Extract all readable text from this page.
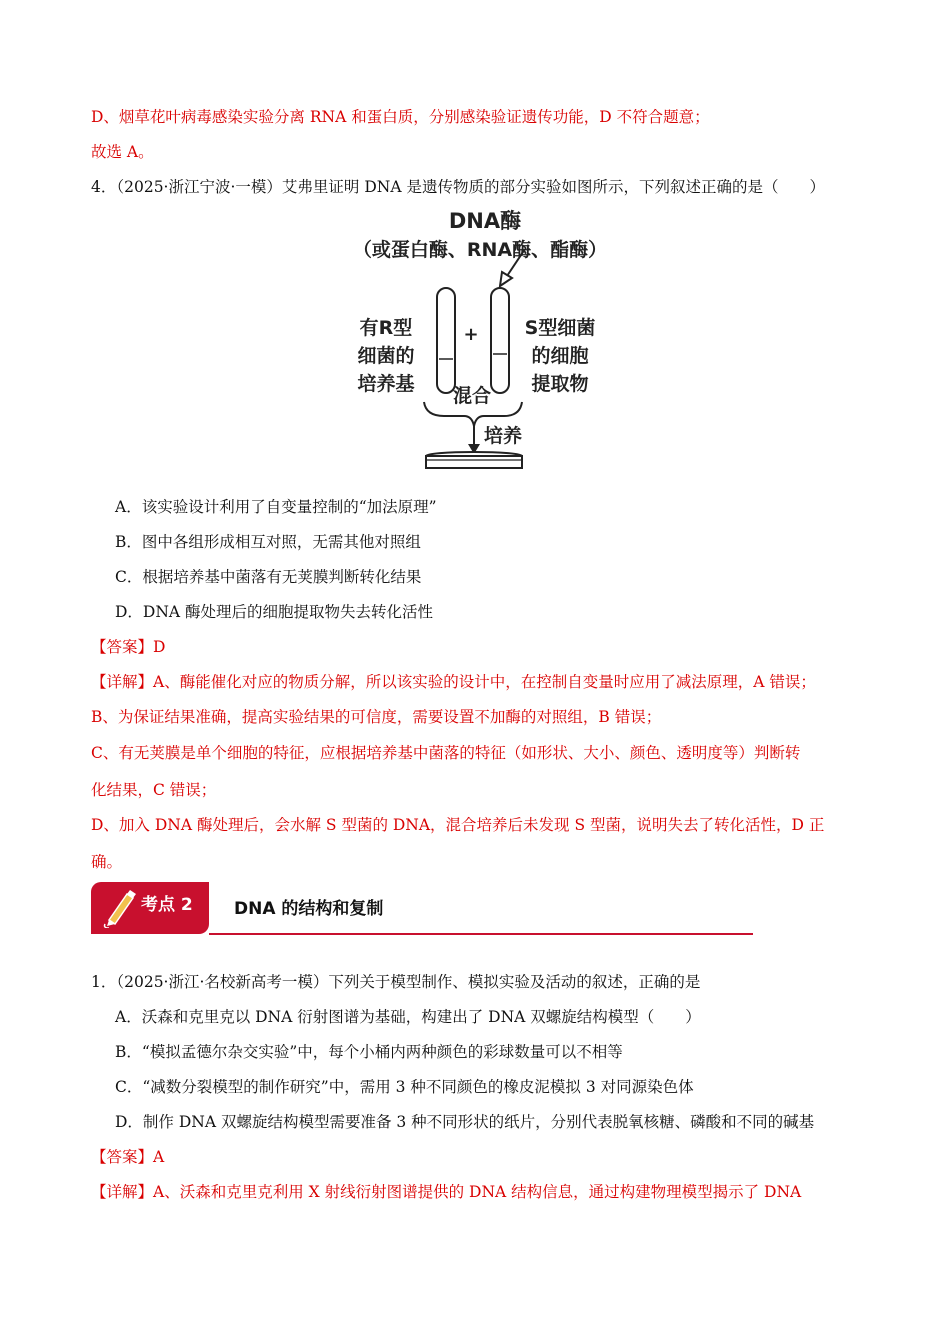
D、烟草花叶病毒感染实验分离 RNA 和蛋白质，分别感染验证遗传功能，D 不符合题意；
故选 A。
4．（2025·浙江宁波·一模）艾弗里证明 DNA 是遗传物质的部分实验如图所示，下列叙述正确的是（　　）
DNA酶
（或蛋白酶、RNA酶、酯酶）
+
有R型
细菌的
培养基
S型细菌
的细胞
提取物
混合
培养
A．该实验设计利用了自变量控制的“加法原理”
B．图中各组形成相互对照，无需其他对照组
C．根据培养基中菌落有无荚膜判断转化结果
D．DNA 酶处理后的细胞提取物失去转化活性
【答案】D
【详解】A、酶能催化对应的物质分解，所以该实验的设计中，在控制自变量时应用了减法原理，A 错误；
B、为保证结果准确，提高实验结果的可信度，需要设置不加酶的对照组，B 错误；
C、有无荚膜是单个细胞的特征，应根据培养基中菌落的特征（如形状、大小、颜色、透明度等）判断转
化结果，C 错误；
D、加入 DNA 酶处理后，会水解 S 型菌的 DNA，混合培养后未发现 S 型菌，说明失去了转化活性，D 正
确。
考点 2 DNA 的结构和复制
1．（2025·浙江·名校新高考一模）下列关于模型制作、模拟实验及活动的叙述，正确的是
A．沃森和克里克以 DNA 衍射图谱为基础，构建出了 DNA 双螺旋结构模型（　　）
B．“模拟孟德尔杂交实验”中，每个小桶内两种颜色的彩球数量可以不相等
C．“减数分裂模型的制作研究”中，需用 3 种不同颜色的橡皮泥模拟 3 对同源染色体
D．制作 DNA 双螺旋结构模型需要准备 3 种不同形状的纸片，分别代表脱氧核糖、磷酸和不同的碱基
【答案】A
【详解】A、沃森和克里克利用 X 射线衍射图谱提供的 DNA 结构信息，通过构建物理模型揭示了 DNA
